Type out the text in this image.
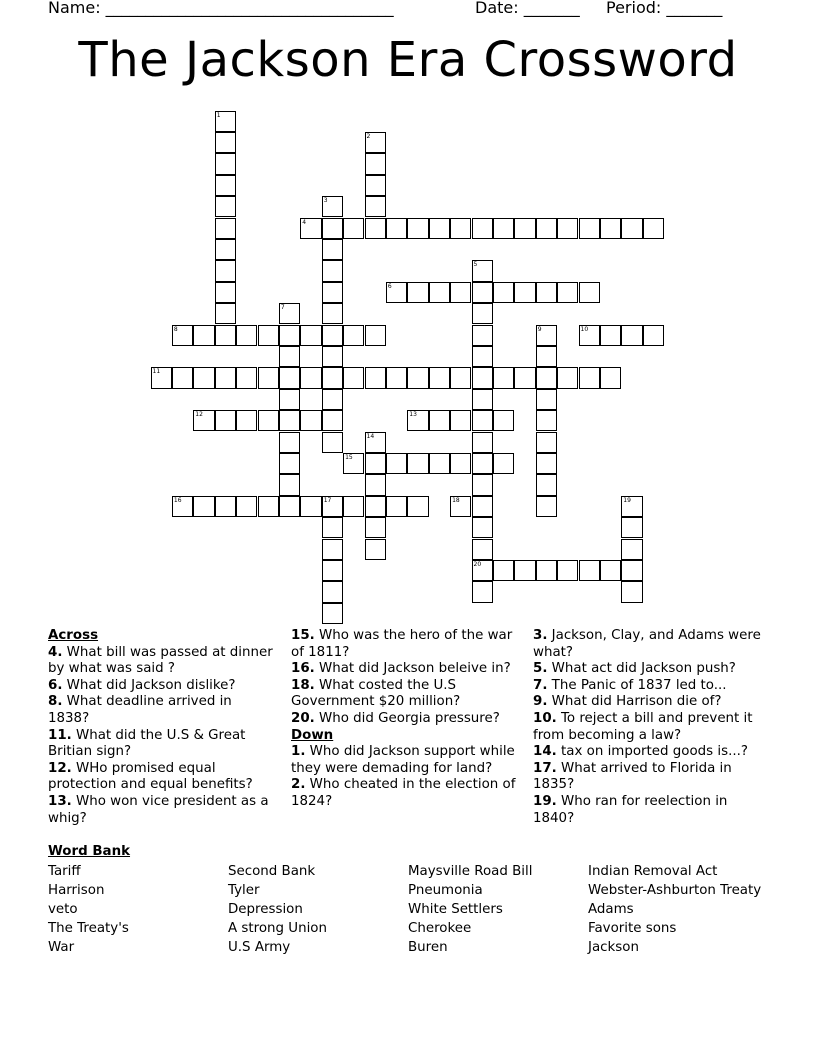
Name: ____________________________________	Date: _______ Period: _______
The Jackson Era Crossword
1
2
3
4
5
6
7
8	9	10
11
12	13
14
15
16	17	18	19
20
Across
4. What bill was passed at dinner by what was said ?
6. What did Jackson dislike?
8. What deadline arrived in 1838?
11. What did the U.S & Great Britian sign?
12. WHo promised equal protection and equal benefits?
13. Who won vice president as a whig?
15. Who was the hero of the war of 1811?
16. What did Jackson beleive in?
18. What costed the U.S Government $20 million?
20. Who did Georgia pressure?
Down
1. Who did Jackson support while they were demading for land?
2. Who cheated in the election of 1824?
3. Jackson, Clay, and Adams were what?
5. What act did Jackson push?
7. The Panic of 1837 led to...
9. What did Harrison die of?
10. To reject a bill and prevent it from becoming a law?
14. tax on imported goods is...?
17. What arrived to Florida in 1835?
19. Who ran for reelection in 1840?
Word Bank
Tariff
Harrison
veto
The Treaty's
War
Second Bank
Tyler
Depression
A strong Union
U.S Army
Maysville Road Bill
Pneumonia
White Settlers
Cherokee
Buren
Indian Removal Act
Webster-Ashburton Treaty
Adams
Favorite sons
Jackson
